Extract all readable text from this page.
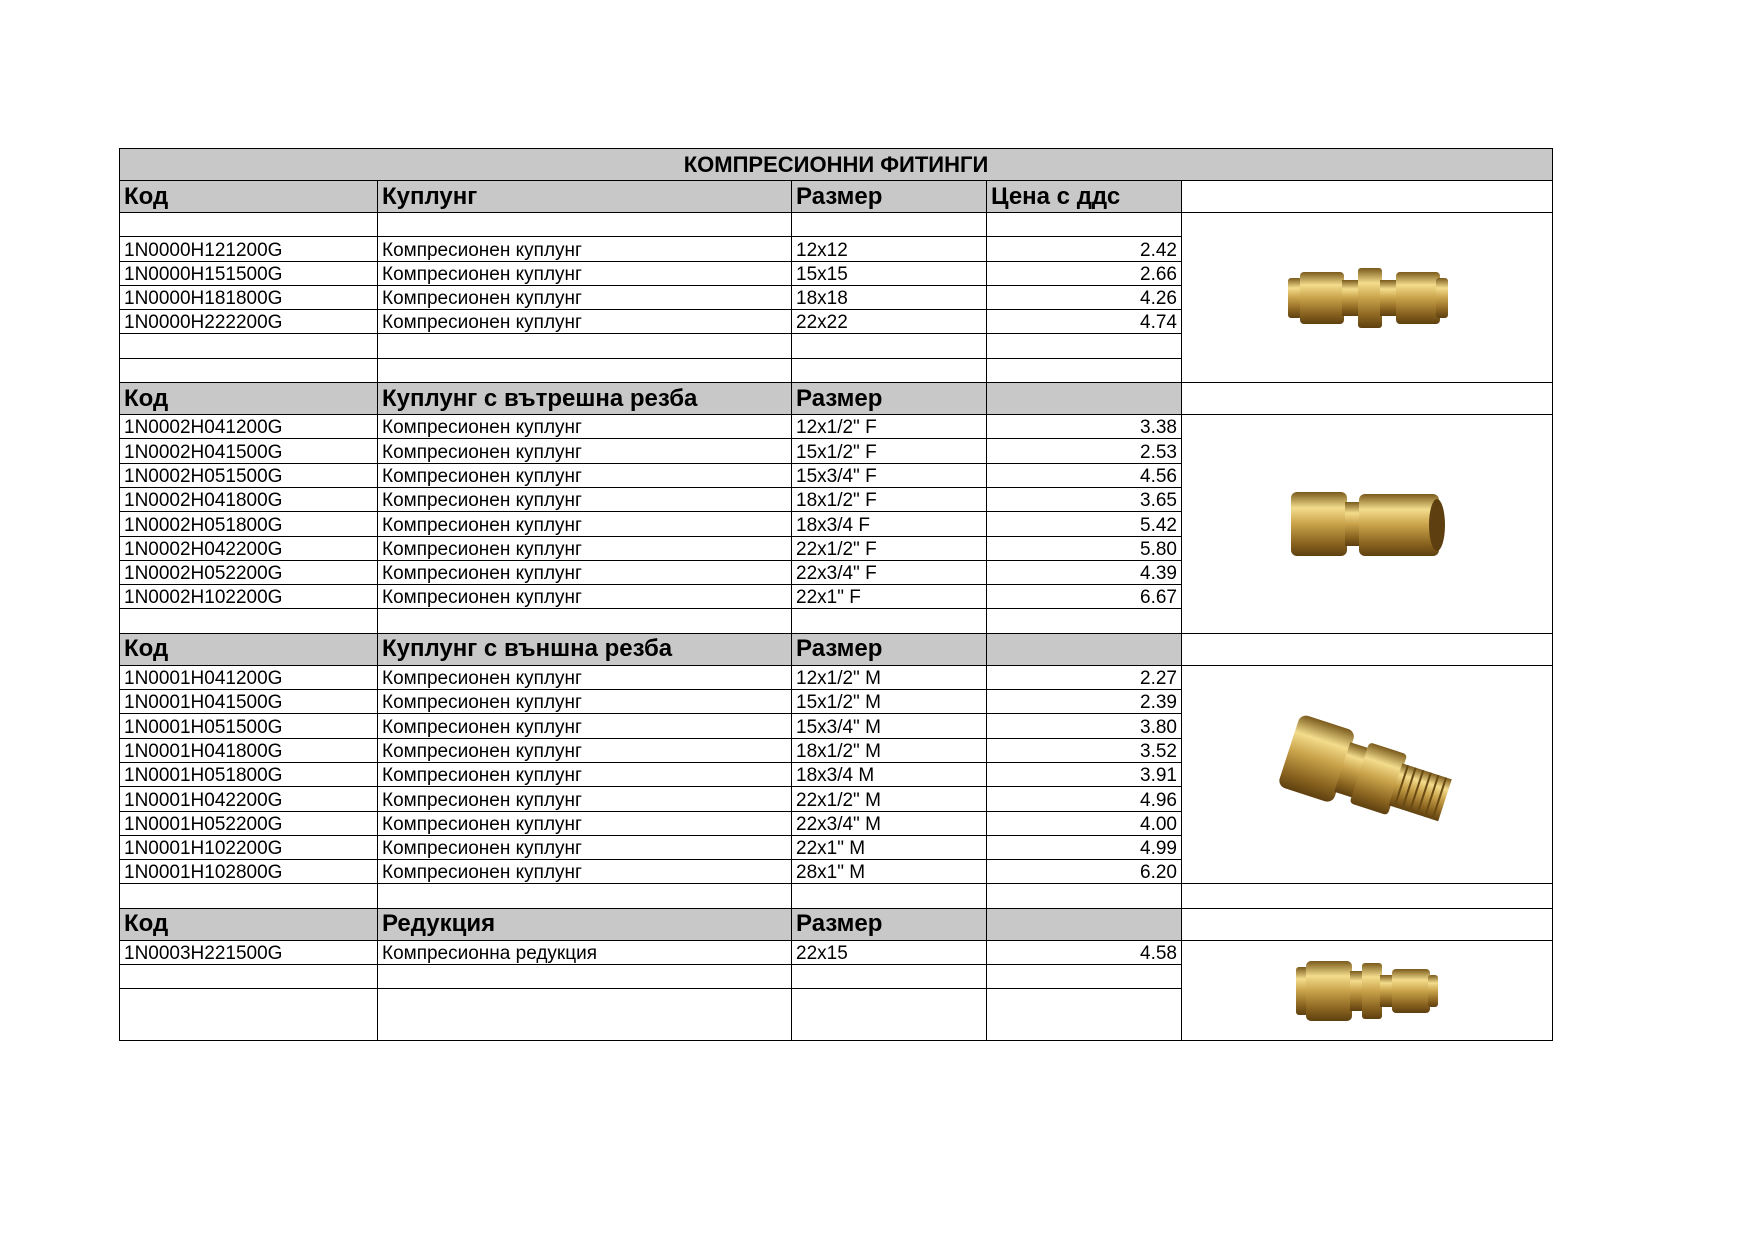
КОМПРЕСИОННИ ФИТИНГИ				
Код	Куплунг	Размер	Цена с ддс	

1N0000H121200G	Компресионен куплунг	12x12	2.42	
1N0000H151500G	Компресионен куплунг	15x15	2.66	
1N0000H181800G	Компресионен куплунг	18x18	4.26	
1N0000H222200G	Компресионен куплунг	22x22	4.74	

Код	Куплунг с вътрешна резба	Размер		
1N0002H041200G	Компресионен куплунг	12x1/2" F	3.38	

1N0002H041500G	Компресионен куплунг	15x1/2" F	2.53	
1N0002H051500G	Компресионен куплунг	15x3/4" F	4.56	
1N0002H041800G	Компресионен куплунг	18x1/2" F	3.65	
1N0002H051800G	Компресионен куплунг	18x3/4 F	5.42	
1N0002H042200G	Компресионен куплунг	22x1/2" F	5.80	
1N0002H052200G	Компресионен куплунг	22x3/4" F	4.39	
1N0002H102200G	Компресионен куплунг	22x1" F	6.67	

Код	Куплунг с външна резба	Размер		
1N0001H041200G	Компресионен куплунг	12x1/2" M	2.27	

1N0001H041500G	Компресионен куплунг	15x1/2" M	2.39	
1N0001H051500G	Компресионен куплунг	15x3/4" M	3.80	
1N0001H041800G	Компресионен куплунг	18x1/2" M	3.52	
1N0001H051800G	Компресионен куплунг	18x3/4 M	3.91	
1N0001H042200G	Компресионен куплунг	22x1/2" M	4.96	
1N0001H052200G	Компресионен куплунг	22x3/4" M	4.00	
1N0001H102200G	Компресионен куплунг	22x1" M	4.99	
1N0001H102800G	Компресионен куплунг	28x1" M	6.20	

Код	Редукция	Размер		
1N0003H221500G	Компресионна редукция	22x15	4.58	
